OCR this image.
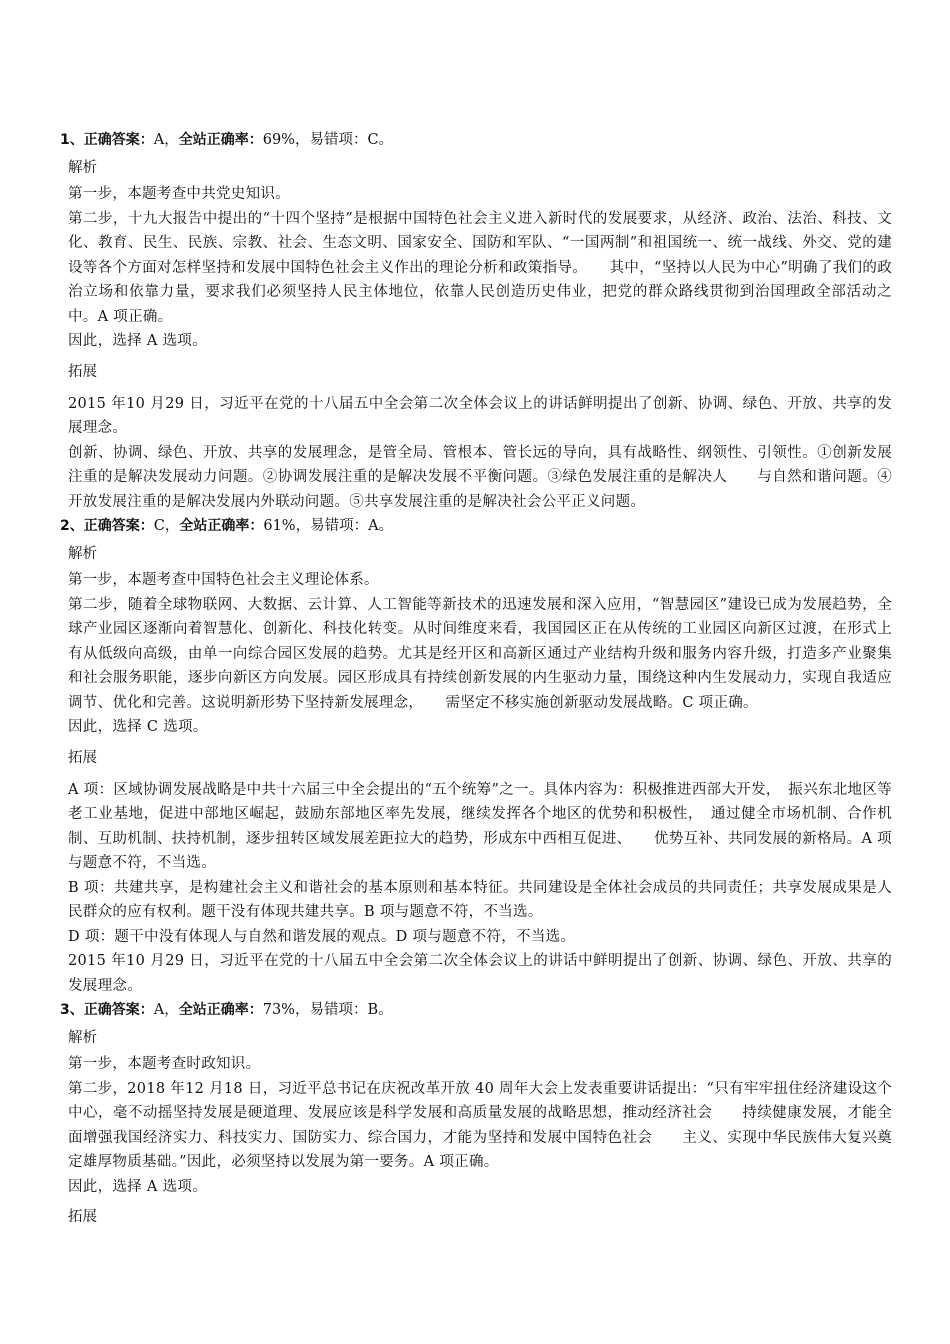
1、正确答案：A，全站正确率：69%，易错项：C。
解析

第一步，本题考查中共党史知识。

第二步，十九大报告中提出的“十四个坚持”是根据中国特色社会主义进入新时代的发展要求，从经济、政治、法治、科技、文化、教育、民生、民族、宗教、社会、生态文明、国家安全、国防和军队、“一国两制”和祖国统一、统一战线、外交、党的建设等各个方面对怎样坚持和发展中国特色社会主义作出的理论分析和政策指导。　　其中，“坚持以人民为中心”明确了我们的政治立场和依靠力量，要求我们必须坚持人民主体地位，依靠人民创造历史伟业，把党的群众路线贯彻到治国理政全部活动之中。A 项正确。

因此，选择 A 选项。

拓展

2015 年10 月29 日，习近平在党的十八届五中全会第二次全体会议上的讲话鲜明提出了创新、协调、绿色、开放、共享的发展理念。

创新、协调、绿色、开放、共享的发展理念，是管全局、管根本、管长远的导向，具有战略性、纲领性、引领性。①创新发展注重的是解决发展动力问题。②协调发展注重的是解决发展不平衡问题。③绿色发展注重的是解决人　　与自然和谐问题。④开放发展注重的是解决发展内外联动问题。⑤共享发展注重的是解决社会公平正义问题。

2、正确答案：C，全站正确率：61%，易错项：A。
解析

第一步，本题考查中国特色社会主义理论体系。

第二步，随着全球物联网、大数据、云计算、人工智能等新技术的迅速发展和深入应用，“智慧园区”建设已成为发展趋势，全球产业园区逐渐向着智慧化、创新化、科技化转变。从时间维度来看，我国园区正在从传统的工业园区向新区过渡，在形式上有从低级向高级，由单一向综合园区发展的趋势。尤其是经开区和高新区通过产业结构升级和服务内容升级，打造多产业聚集和社会服务职能，逐步向新区方向发展。园区形成具有持续创新发展的内生驱动力量，围绕这种内生发展动力，实现自我适应调节、优化和完善。这说明新形势下坚持新发展理念，　　需坚定不移实施创新驱动发展战略。C 项正确。

因此，选择 C 选项。

拓展

A 项：区域协调发展战略是中共十六届三中全会提出的“五个统筹”之一。具体内容为：积极推进西部大开发，　振兴东北地区等老工业基地，促进中部地区崛起，鼓励东部地区率先发展，继续发挥各个地区的优势和积极性，　通过健全市场机制、合作机制、互助机制、扶持机制，逐步扭转区域发展差距拉大的趋势，形成东中西相互促进、　　优势互补、共同发展的新格局。A 项与题意不符，不当选。

B 项：共建共享，是构建社会主义和谐社会的基本原则和基本特征。共同建设是全体社会成员的共同责任；共享发展成果是人民群众的应有权利。题干没有体现共建共享。B 项与题意不符，不当选。

D 项：题干中没有体现人与自然和谐发展的观点。D 项与题意不符，不当选。

2015 年10 月29 日，习近平在党的十八届五中全会第二次全体会议上的讲话中鲜明提出了创新、协调、绿色、开放、共享的发展理念。

3、正确答案：A，全站正确率：73%，易错项：B。
解析

第一步，本题考查时政知识。

第二步，2018 年12 月18 日，习近平总书记在庆祝改革开放 40 周年大会上发表重要讲话提出：“只有牢牢扭住经济建设这个中心，毫不动摇坚持发展是硬道理、发展应该是科学发展和高质量发展的战略思想，推动经济社会　　持续健康发展，才能全面增强我国经济实力、科技实力、国防实力、综合国力，才能为坚持和发展中国特色社会　　主义、实现中华民族伟大复兴奠定雄厚物质基础。”因此，必须坚持以发展为第一要务。A 项正确。

因此，选择 A 选项。

拓展
